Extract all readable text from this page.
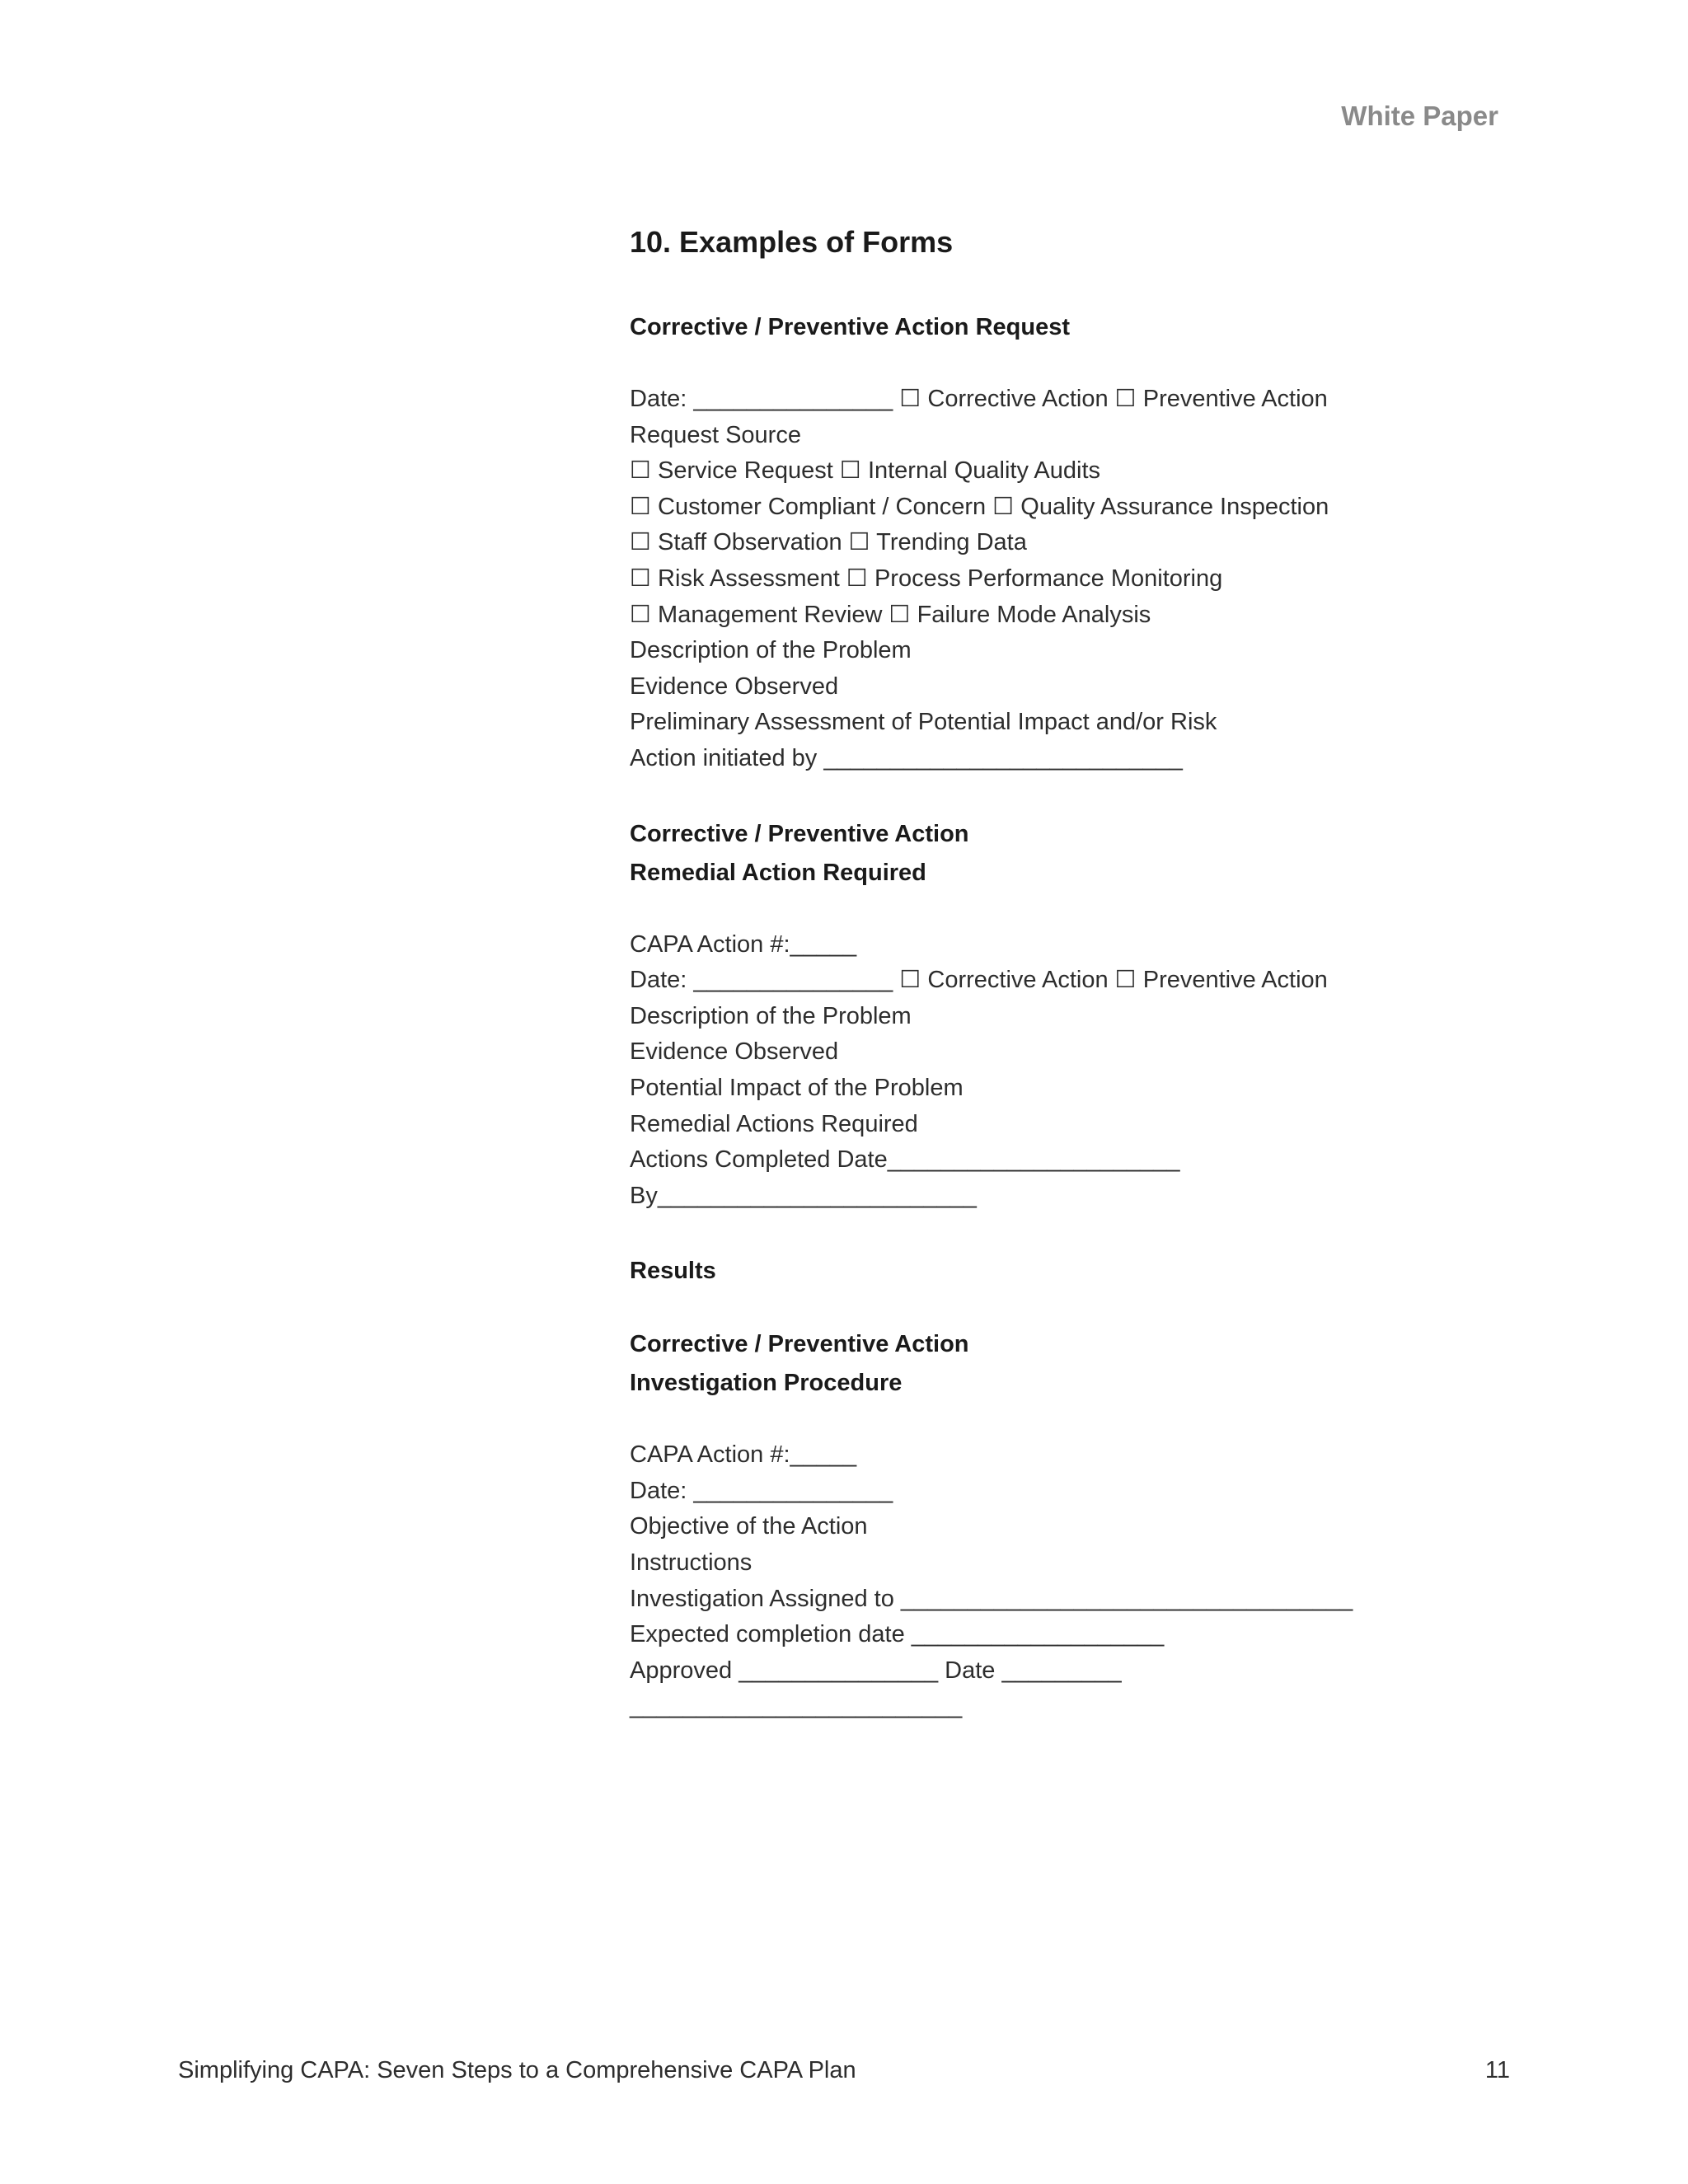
White Paper
10. Examples of Forms
Corrective / Preventive Action Request
Date: _______________ ☐ Corrective Action ☐ Preventive Action
Request Source
☐ Service Request ☐ Internal Quality Audits
☐ Customer Compliant / Concern ☐ Quality Assurance Inspection
☐ Staff Observation ☐ Trending Data
☐ Risk Assessment ☐ Process Performance Monitoring
☐ Management Review ☐ Failure Mode Analysis
Description of the Problem
Evidence Observed
Preliminary Assessment of Potential Impact and/or Risk
Action initiated by ___________________________
Corrective / Preventive Action
Remedial Action Required
CAPA Action #:_____
Date: _______________ ☐ Corrective Action ☐ Preventive Action
Description of the Problem
Evidence Observed
Potential Impact of the Problem
Remedial Actions Required
Actions Completed Date______________________
By________________________
Results
Corrective / Preventive Action
Investigation Procedure
CAPA Action #:_____
Date: _______________
Objective of the Action
Instructions
Investigation Assigned to __________________________________
Expected completion date ___________________
Approved _______________ Date _________
_________________________
Simplifying CAPA: Seven Steps to a Comprehensive CAPA Plan	11
